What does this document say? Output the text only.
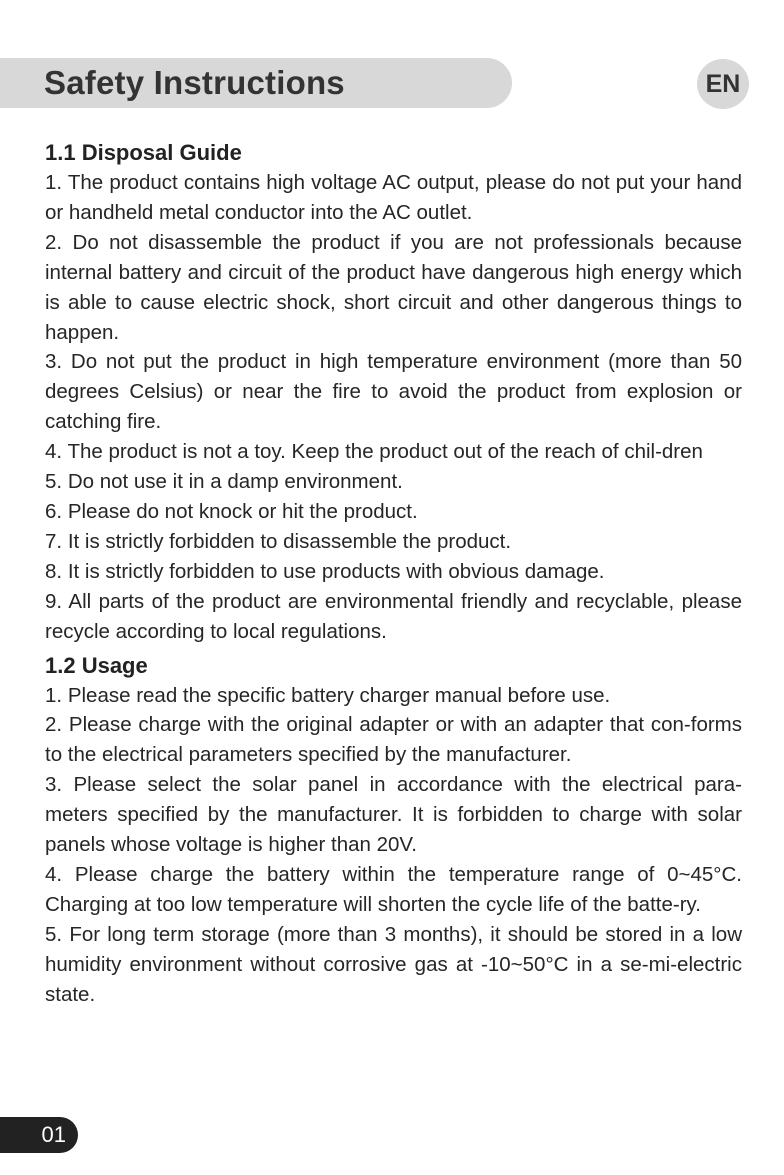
Safety Instructions	EN
1.1 Disposal Guide
1. The product contains high voltage AC output, please do not put your hand or handheld metal conductor into the AC outlet.
2. Do not disassemble the product if you are not professionals because internal battery and circuit of the product have dangerous high energy which is able to cause electric shock, short circuit and other dangerous things to happen.
3. Do not put the product in high temperature environment (more than 50 degrees Celsius) or near the fire to avoid the product from explosion or catching fire.
4. The product is not a toy. Keep the product out of the reach of chil-dren
5. Do not use it in a damp environment.
6. Please do not knock or hit the product.
7. It is strictly forbidden to disassemble the product.
8. It is strictly forbidden to use products with obvious damage.
9. All parts of the product are environmental friendly and recyclable, please recycle according to local regulations.
1.2 Usage
1. Please read the specific battery charger manual before use.
2. Please charge with the original adapter or with an adapter that con-forms to the electrical parameters specified by the manufacturer.
3. Please select the solar panel in accordance with the electrical para-meters specified by the manufacturer. It is forbidden to charge with solar panels whose voltage is higher than 20V.
4. Please charge the battery within the temperature range of 0~45°C. Charging at too low temperature will shorten the cycle life of the batte-ry.
5. For long term storage (more than 3 months), it should be stored in a low humidity environment without corrosive gas at -10~50°C in a se-mi-electric state.
01
